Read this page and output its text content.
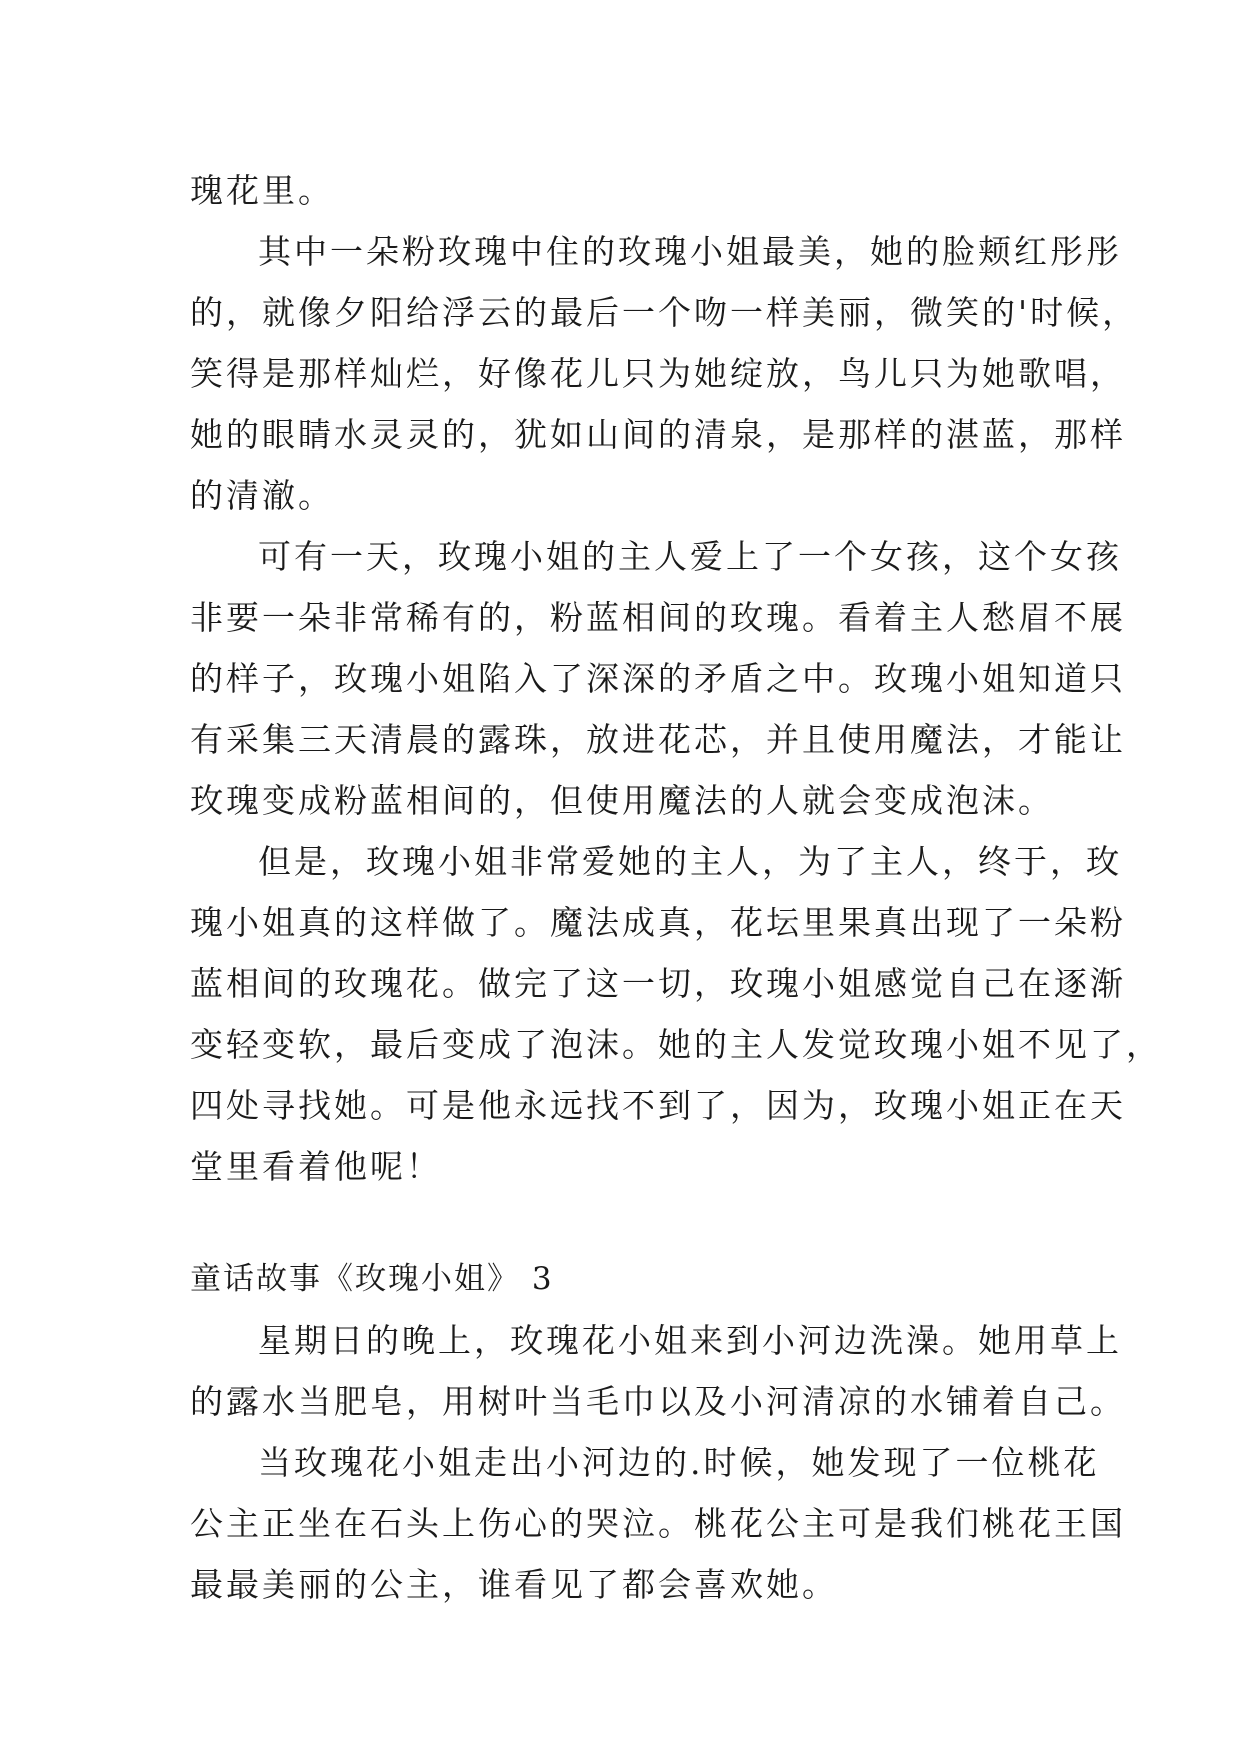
瑰花里。
其中一朵粉玫瑰中住的玫瑰小姐最美，她的脸颊红彤彤
的，就像夕阳给浮云的最后一个吻一样美丽，微笑的'时候，
笑得是那样灿烂，好像花儿只为她绽放，鸟儿只为她歌唱，
她的眼睛水灵灵的，犹如山间的清泉，是那样的湛蓝，那样
的清澈。
可有一天，玫瑰小姐的主人爱上了一个女孩，这个女孩
非要一朵非常稀有的，粉蓝相间的玫瑰。看着主人愁眉不展
的样子，玫瑰小姐陷入了深深的矛盾之中。玫瑰小姐知道只
有采集三天清晨的露珠，放进花芯，并且使用魔法，才能让
玫瑰变成粉蓝相间的，但使用魔法的人就会变成泡沫。
但是，玫瑰小姐非常爱她的主人，为了主人，终于，玫
瑰小姐真的这样做了。魔法成真，花坛里果真出现了一朵粉
蓝相间的玫瑰花。做完了这一切，玫瑰小姐感觉自己在逐渐
变轻变软，最后变成了泡沫。她的主人发觉玫瑰小姐不见了，
四处寻找她。可是他永远找不到了，因为，玫瑰小姐正在天
堂里看着他呢！
童话故事《玫瑰小姐》 3
星期日的晚上，玫瑰花小姐来到小河边洗澡。她用草上
的露水当肥皂，用树叶当毛巾以及小河清凉的水铺着自己。
当玫瑰花小姐走出小河边的.时候，她发现了一位桃花
公主正坐在石头上伤心的哭泣。桃花公主可是我们桃花王国
最最美丽的公主，谁看见了都会喜欢她。
